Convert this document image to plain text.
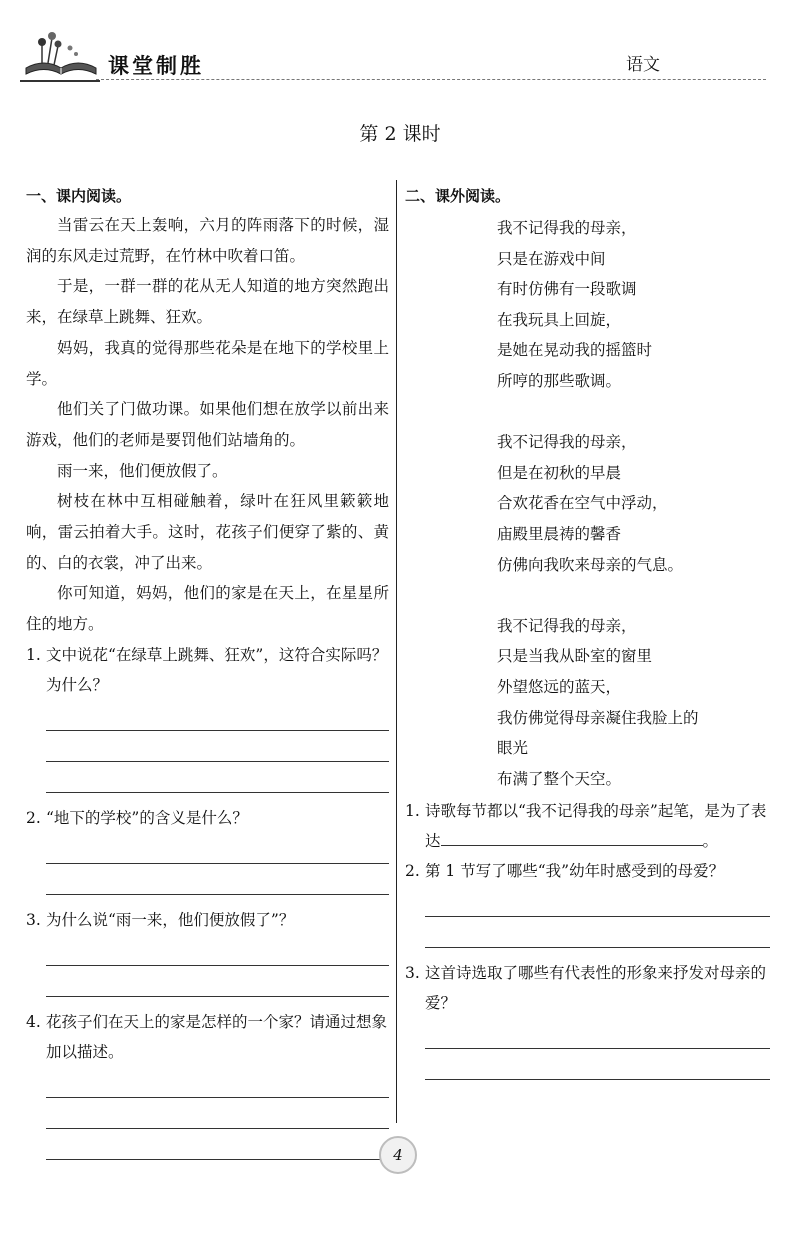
课堂制胜	语文
第 2 课时
一、课内阅读。

当雷云在天上轰响，六月的阵雨落下的时候，湿润的东风走过荒野，在竹林中吹着口笛。

于是，一群一群的花从无人知道的地方突然跑出来，在绿草上跳舞、狂欢。

妈妈，我真的觉得那些花朵是在地下的学校里上学。

他们关了门做功课。如果他们想在放学以前出来游戏，他们的老师是要罚他们站墙角的。

雨一来，他们便放假了。

树枝在林中互相碰触着，绿叶在狂风里簌簌地响，雷云拍着大手。这时，花孩子们便穿了紫的、黄的、白的衣裳，冲了出来。

你可知道，妈妈，他们的家是在天上，在星星所住的地方。

1. 文中说花“在绿草上跳舞、狂欢”，这符合实际吗？为什么？
2. “地下的学校”的含义是什么？
3. 为什么说“雨一来，他们便放假了”？
4. 花孩子们在天上的家是怎样的一个家？请通过想象加以描述。
二、课外阅读。
我不记得我的母亲，
只是在游戏中间
有时仿佛有一段歌调
在我玩具上回旋，
是她在晃动我的摇篮时
所哼的那些歌调。
我不记得我的母亲，
但是在初秋的早晨
合欢花香在空气中浮动，
庙殿里晨祷的馨香
仿佛向我吹来母亲的气息。
我不记得我的母亲，
只是当我从卧室的窗里
外望悠远的蓝天，
我仿佛觉得母亲凝住我脸上的
眼光
布满了整个天空。
1. 诗歌每节都以“我不记得我的母亲”起笔，是为了表达	。
2. 第 1 节写了哪些“我”幼年时感受到的母爱？
3. 这首诗选取了哪些有代表性的形象来抒发对母亲的爱？
4
